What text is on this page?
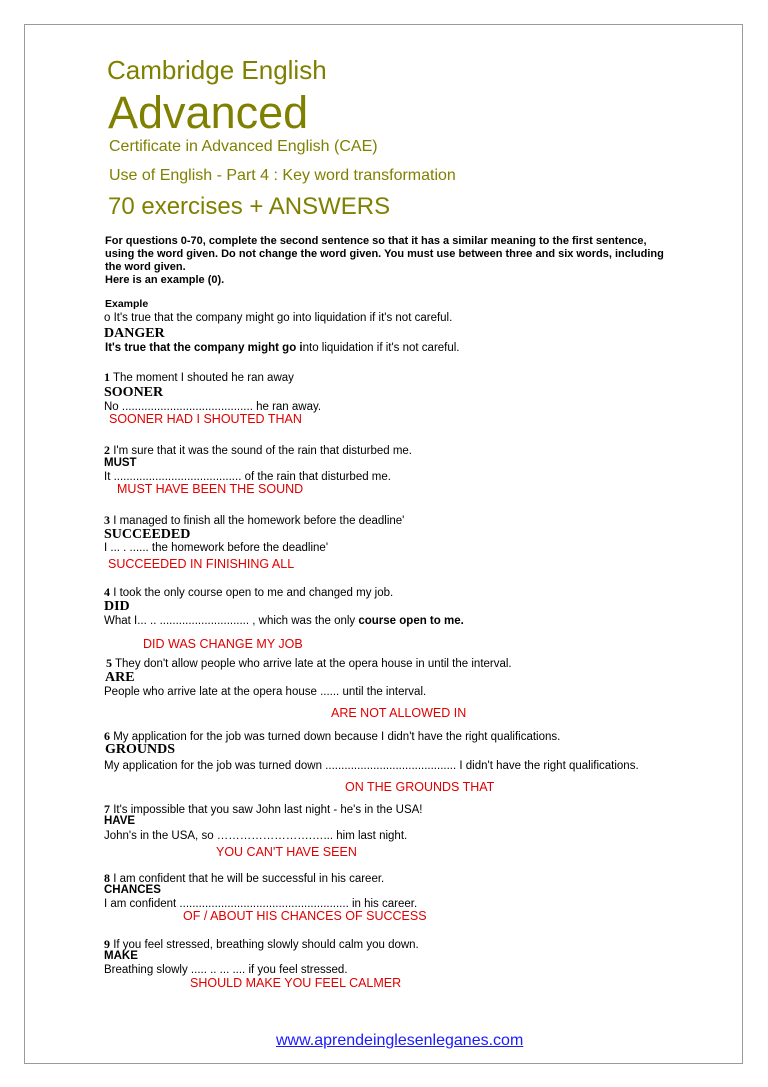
Cambridge English
Advanced
Certificate in Advanced English (CAE)
Use of English - Part 4 : Key word transformation
70 exercises + ANSWERS
For questions 0-70, complete the second sentence so that it has a similar meaning to the first sentence,
using the word given. Do not change the word given. You must use between three and six words, including
the word given.
Here is an example (0).
Example
o It's true that the company might go into liquidation if it's not careful.
DANGER
It's true that the company might go into liquidation if it's not careful.
1 The moment I shouted he ran away
SOONER
No ......................................... he ran away.
SOONER HAD I SHOUTED THAN
2 I'm sure that it was the sound of the rain that disturbed me.
MUST
It ........................................ of the rain that disturbed me.
MUST HAVE BEEN THE SOUND
3 I managed to finish all the homework before the deadline'
SUCCEEDED
I ... . ...... the homework before the deadline'
SUCCEEDED IN FINISHING ALL
4 I took the only course open to me and changed my job.
DID
What I... .. ............................ , which was the only course open to me.
DID WAS CHANGE MY JOB
5 They don't allow people who arrive late at the opera house in until the interval.
ARE
People who arrive late at the opera house ...... until the interval.
ARE NOT ALLOWED IN
6 My application for the job was turned down because I didn't have the right qualifications.
GROUNDS
My application for the job was turned down ......................................... I didn't have the right qualifications.
ON THE GROUNDS THAT
7 It's impossible that you saw John last night - he's in the USA!
HAVE
John's in the USA, so …………………….…... him last night.
YOU CAN'T HAVE SEEN
8 I am confident that he will be successful in his career.
CHANCES
I am confident ..................................................... in his career.
OF / ABOUT HIS CHANCES OF SUCCESS
9 If you feel stressed, breathing slowly should calm you down.
MAKE
Breathing slowly ..... .. ... .... if you feel stressed.
SHOULD MAKE YOU FEEL CALMER
www.aprendeinglesenleganes.com
